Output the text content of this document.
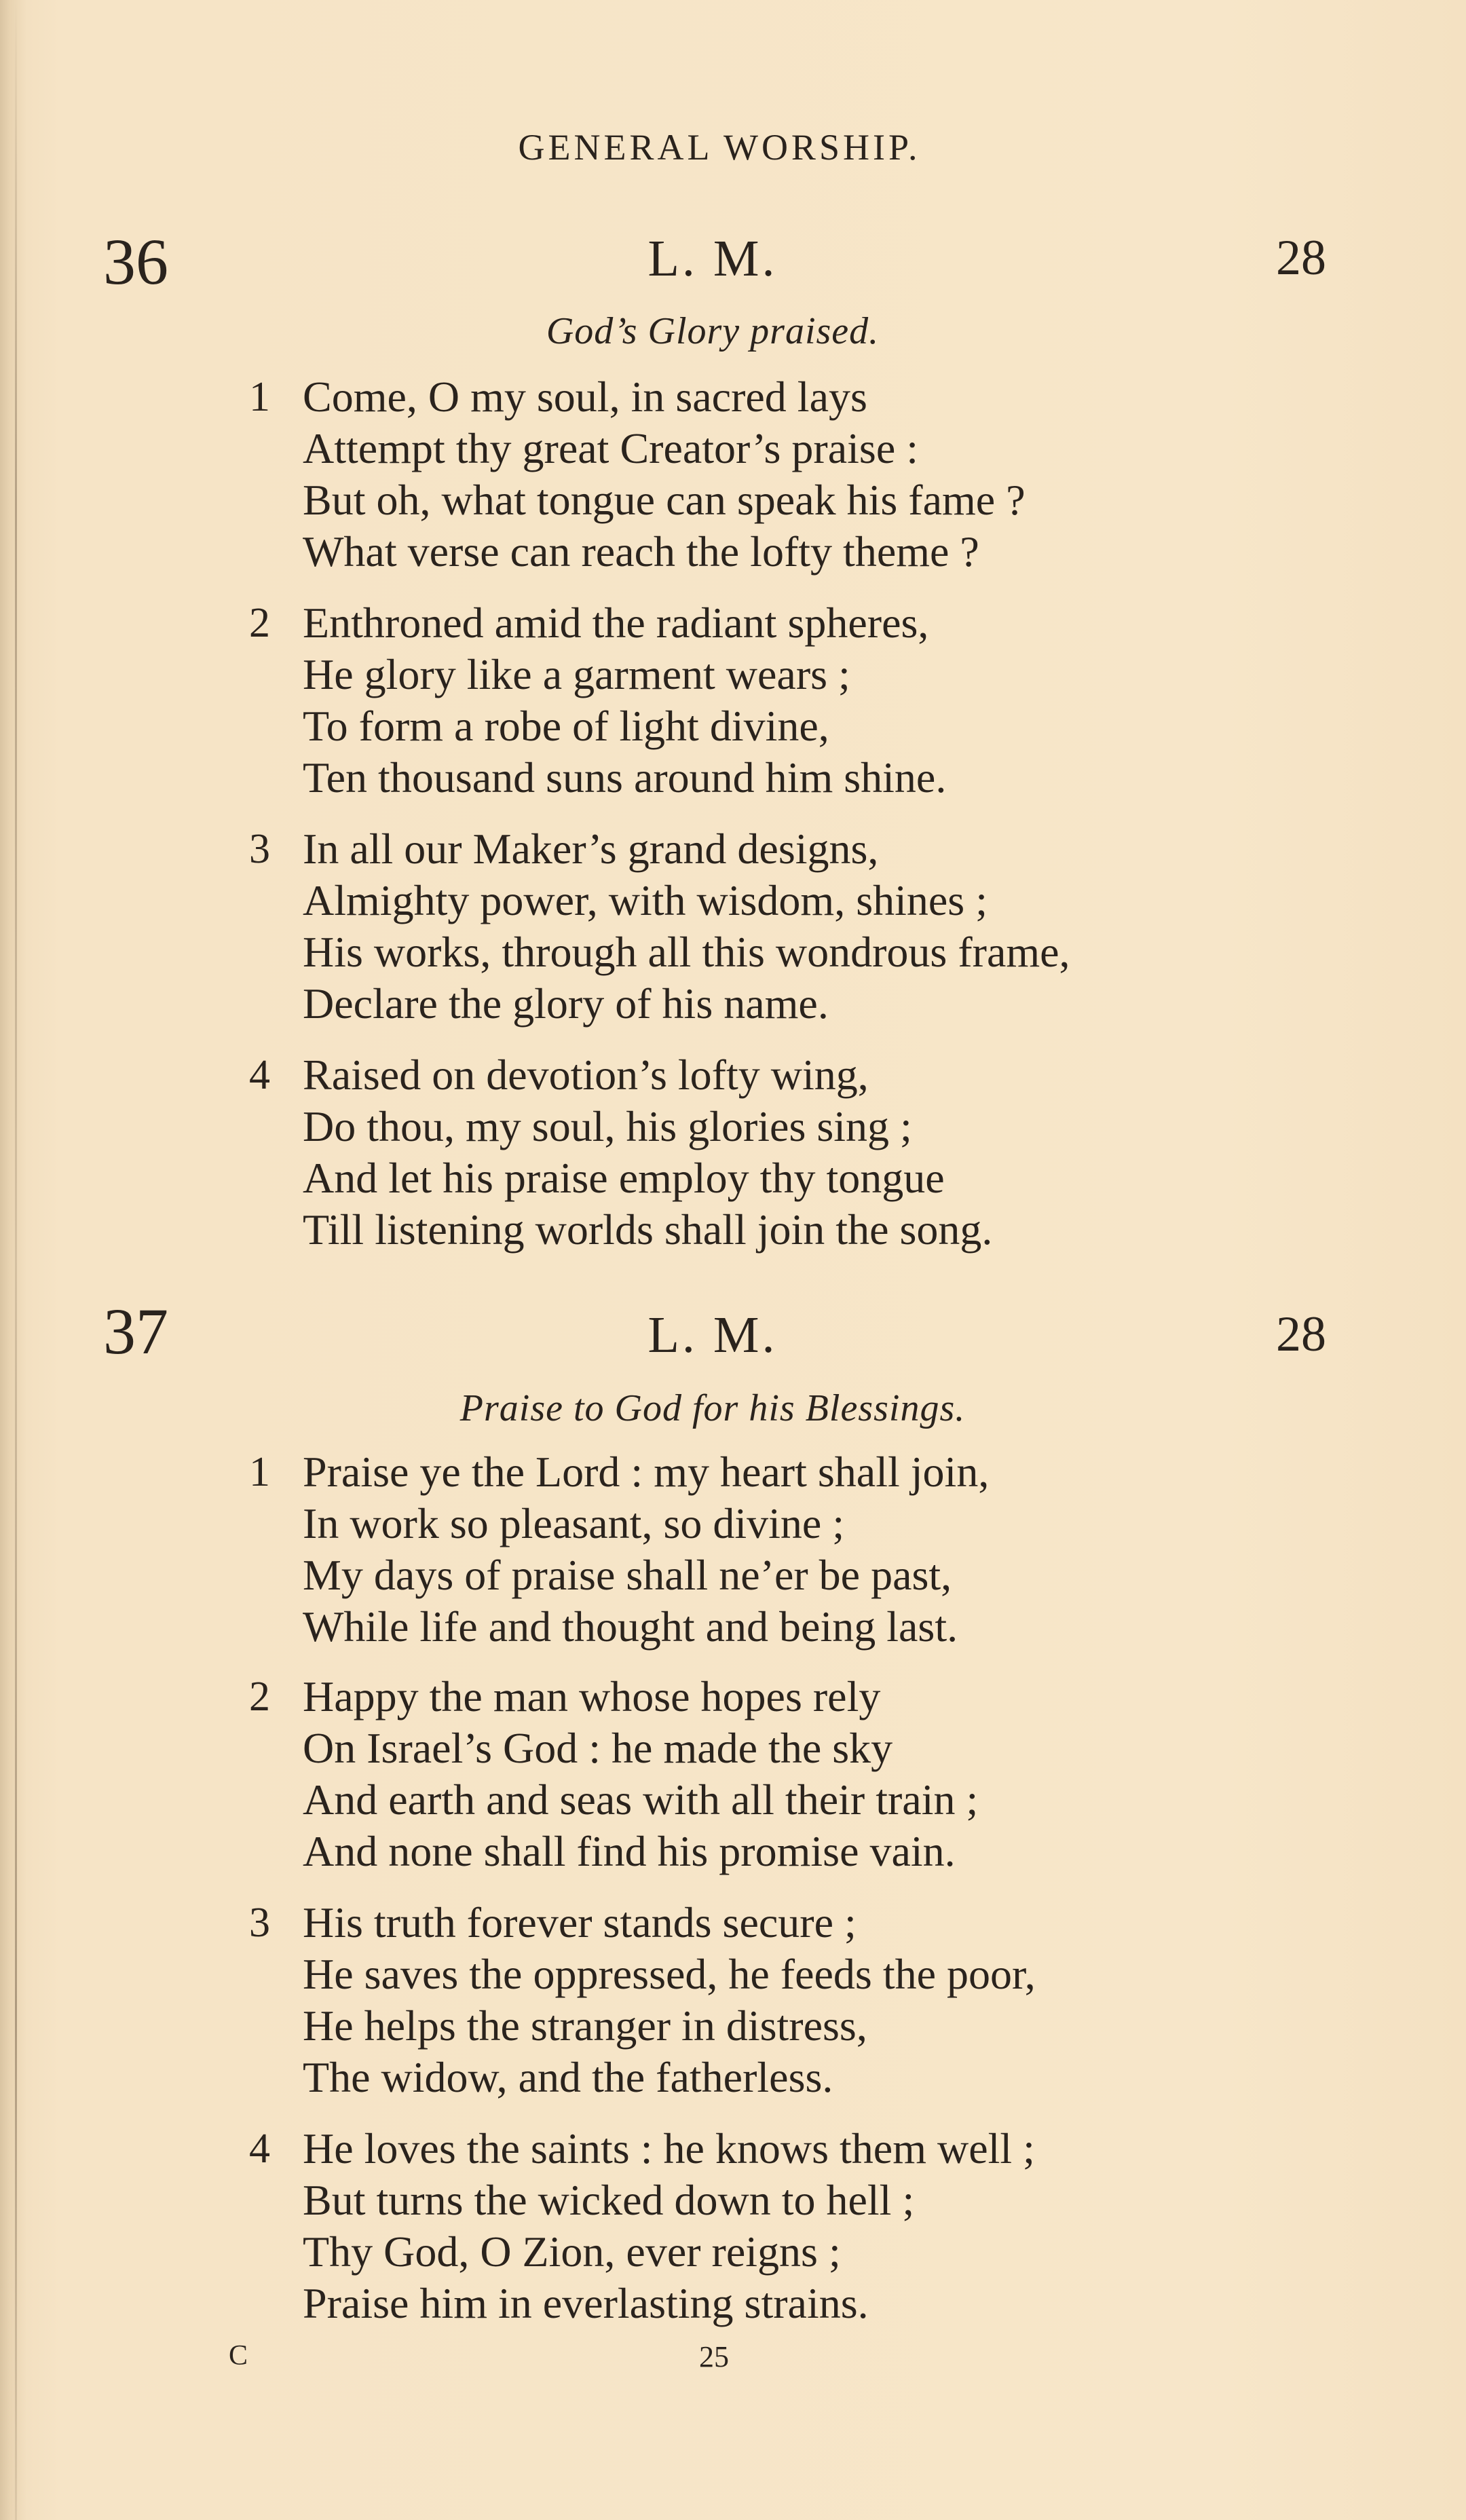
GENERAL WORSHIP.
36	L. M.	28
God’s Glory praised.
1 Come, O my soul, in sacred lays
Attempt thy great Creator’s praise :
But oh, what tongue can speak his fame ?
What verse can reach the lofty theme ?
2 Enthroned amid the radiant spheres,
He glory like a garment wears ;
To form a robe of light divine,
Ten thousand suns around him shine.
3 In all our Maker’s grand designs,
Almighty power, with wisdom, shines ;
His works, through all this wondrous frame,
Declare the glory of his name.
4 Raised on devotion’s lofty wing,
Do thou, my soul, his glories sing ;
And let his praise employ thy tongue
Till listening worlds shall join the song.
37	L. M.	28
Praise to God for his Blessings.
1 Praise ye the Lord : my heart shall join,
In work so pleasant, so divine ;
My days of praise shall ne’er be past,
While life and thought and being last.
2 Happy the man whose hopes rely
On Israel’s God : he made the sky
And earth and seas with all their train ;
And none shall find his promise vain.
3 His truth forever stands secure ;
He saves the oppressed, he feeds the poor,
He helps the stranger in distress,
The widow, and the fatherless.
4 He loves the saints : he knows them well ;
But turns the wicked down to hell ;
Thy God, O Zion, ever reigns ;
Praise him in everlasting strains.
C	25
